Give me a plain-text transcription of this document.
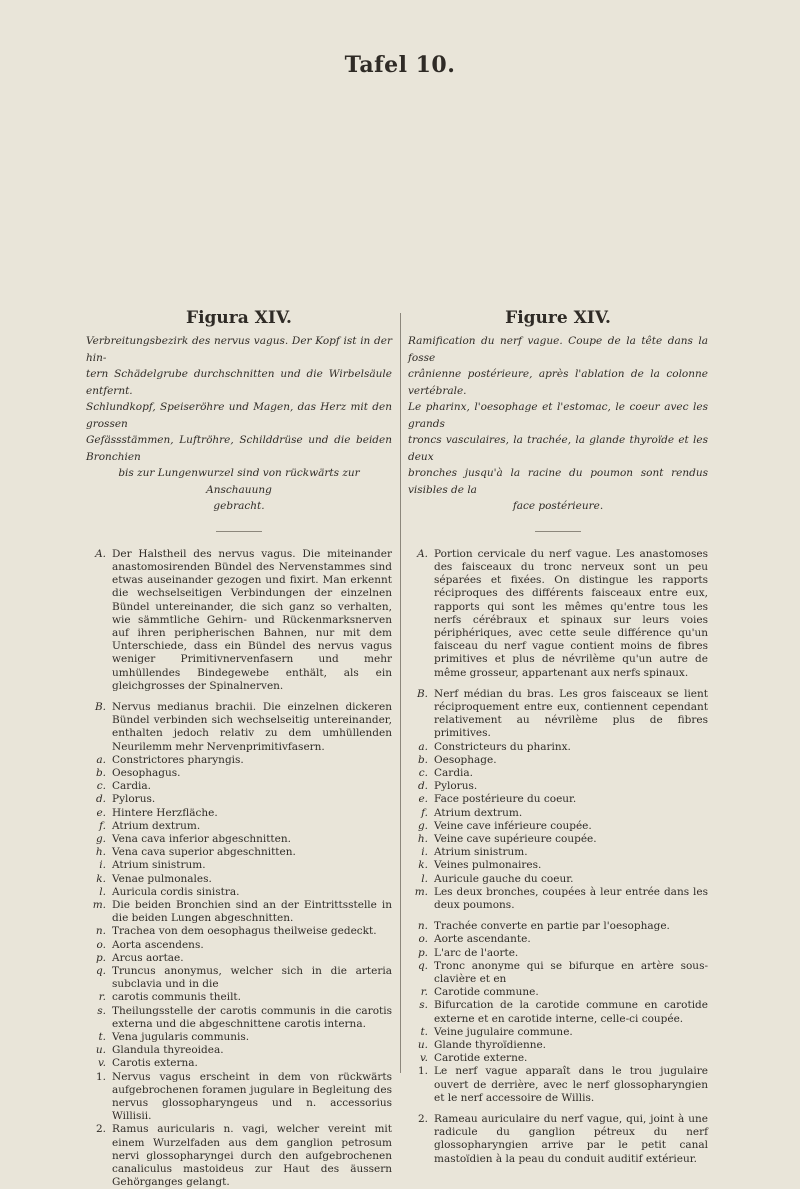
Tafel 10.
Figura XIV.
Verbreitungsbezirk des nervus vagus. Der Kopf ist in der hin-
tern Schädelgrube durchschnitten und die Wirbelsäule entfernt.
Schlundkopf, Speiseröhre und Magen, das Herz mit den grossen
Gefässstämmen, Luftröhre, Schilddrüse und die beiden Bronchien
bis zur Lungenwurzel sind von rückwärts zur Anschauung
gebracht.
A. Der Halstheil des nervus vagus. Die miteinander anastomosirenden Bündel des Nervenstammes sind etwas auseinander gezogen und fixirt. Man erkennt die wechselseitigen Verbindungen der einzelnen Bündel untereinander, die sich ganz so verhalten, wie sämmtliche Gehirn- und Rückenmarksnerven auf ihren peripherischen Bahnen, nur mit dem Unterschiede, dass ein Bündel des nervus vagus weniger Primitivnervenfasern und mehr umhüllendes Bindegewebe enthält, als ein gleichgrosses der Spinalnerven.
B. Nervus medianus brachii. Die einzelnen dickeren Bündel verbinden sich wechselseitig untereinander, enthalten jedoch relativ zu dem umhüllenden Neurilemm mehr Nervenprimitivfasern.
a. Constrictores pharyngis.
b. Oesophagus.
c. Cardia.
d. Pylorus.
e. Hintere Herzfläche.
f. Atrium dextrum.
g. Vena cava inferior abgeschnitten.
h. Vena cava superior abgeschnitten.
i. Atrium sinistrum.
k. Venae pulmonales.
l. Auricula cordis sinistra.
m. Die beiden Bronchien sind an der Eintrittsstelle in die beiden Lungen abgeschnitten.
n. Trachea von dem oesophagus theilweise gedeckt.
o. Aorta ascendens.
p. Arcus aortae.
q. Truncus anonymus, welcher sich in die arteria subclavia und in die
r. carotis communis theilt.
s. Theilungsstelle der carotis communis in die carotis externa und die abgeschnittene carotis interna.
t. Vena jugularis communis.
u. Glandula thyreoidea.
v. Carotis externa.
1. Nervus vagus erscheint in dem von rückwärts aufgebrochenen foramen jugulare in Begleitung des nervus glossopharyngeus und n. accessorius Willisii.
2. Ramus auricularis n. vagi, welcher vereint mit einem Wurzelfaden aus dem ganglion petrosum nervi glossopharyngei durch den aufgebrochenen canaliculus mastoideus zur Haut des äussern Gehörganges gelangt.
Figure XIV.
Ramification du nerf vague. Coupe de la tête dans la fosse
crânienne postérieure, après l'ablation de la colonne vertébrale.
Le pharinx, l'oesophage et l'estomac, le coeur avec les grands
troncs vasculaires, la trachée, la glande thyroïde et les deux
bronches jusqu'à la racine du poumon sont rendus visibles de la
face postérieure.
A. Portion cervicale du nerf vague. Les anastomoses des faisceaux du tronc nerveux sont un peu séparées et fixées. On distingue les rapports réciproques des différents faisceaux entre eux, rapports qui sont les mêmes qu'entre tous les nerfs cérébraux et spinaux sur leurs voies périphériques, avec cette seule différence qu'un faisceau du nerf vague contient moins de fibres primitives et plus de névrilème qu'un autre de même grosseur, appartenant aux nerfs spinaux.
B. Nerf médian du bras. Les gros faisceaux se lient réciproquement entre eux, contiennent cependant relativement au névrilème plus de fibres primitives.
a. Constricteurs du pharinx.
b. Oesophage.
c. Cardia.
d. Pylorus.
e. Face postérieure du coeur.
f. Atrium dextrum.
g. Veine cave inférieure coupée.
h. Veine cave supérieure coupée.
i. Atrium sinistrum.
k. Veines pulmonaires.
l. Auricule gauche du coeur.
m. Les deux bronches, coupées à leur entrée dans les deux poumons.
n. Trachée converte en partie par l'oesophage.
o. Aorte ascendante.
p. L'arc de l'aorte.
q. Tronc anonyme qui se bifurque en artère sous-clavière et en
r. Carotide commune.
s. Bifurcation de la carotide commune en carotide externe et en carotide interne, celle-ci coupée.
t. Veine jugulaire commune.
u. Glande thyroïdienne.
v. Carotide externe.
1. Le nerf vague apparaît dans le trou jugulaire ouvert de derrière, avec le nerf glossopharyngien et le nerf accessoire de Willis.
2. Rameau auriculaire du nerf vague, qui, joint à une radicule du ganglion pétreux du nerf glossopharyngien arrive par le petit canal mastoïdien à la peau du conduit auditif extérieur.
